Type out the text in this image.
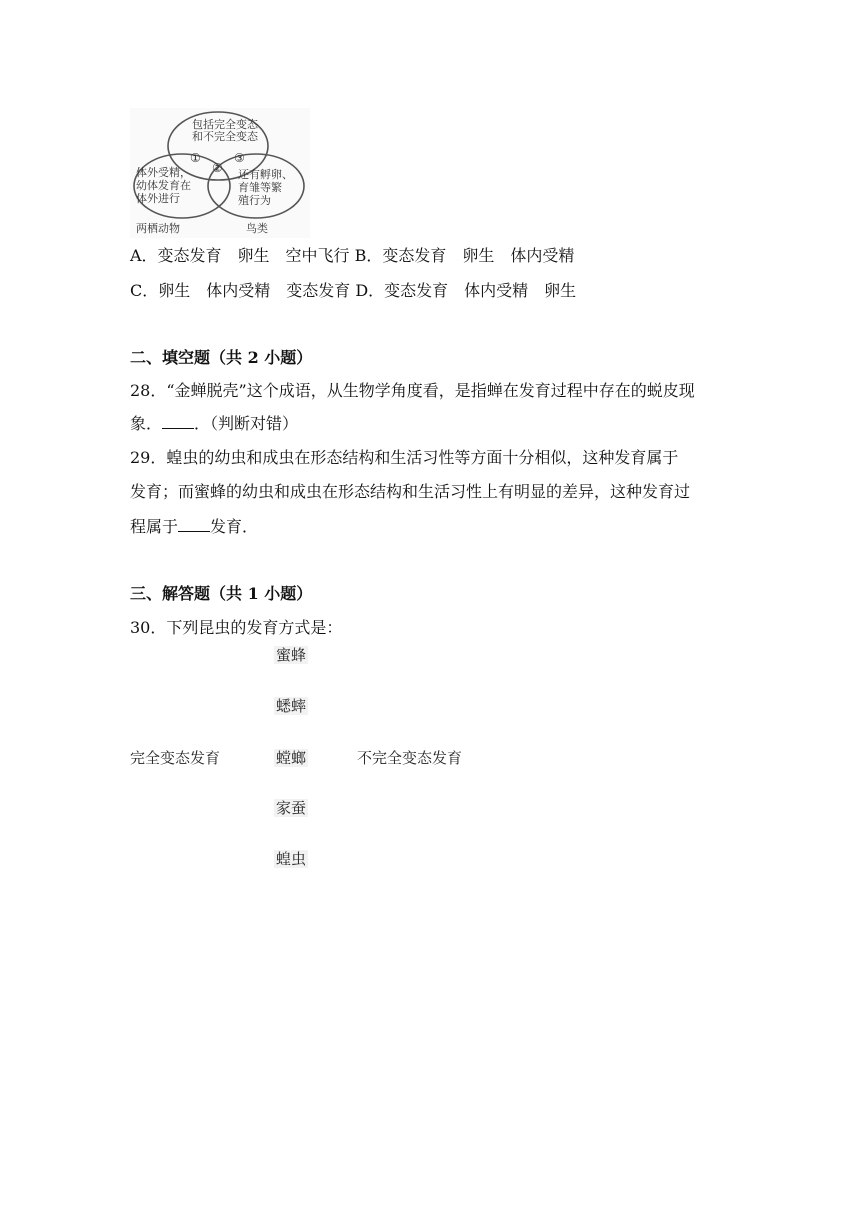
包括完全变态
和不完全变态
①
②
③
体外受精，
幼体发育在
体外进行
还有孵卵、
育雏等繁
殖行为
两栖动物	鸟类
A．变态发育　卵生　空中飞行 B．变态发育　卵生　体内受精
C．卵生　体内受精　变态发育 D．变态发育　体内受精　卵生
二、填空题（共 2 小题）
28．“金蝉脱壳”这个成语，从生物学角度看，是指蝉在发育过程中存在的蜕皮现
象． ．（判断对错）
29．蝗虫的幼虫和成虫在形态结构和生活习性等方面十分相似，这种发育属于
发育；而蜜蜂的幼虫和成虫在形态结构和生活习性上有明显的差异，这种发育过
程属于 发育．
三、解答题（共 1 小题）
30．下列昆虫的发育方式是：
蜜蜂
蟋蟀
完全变态发育	螳螂	不完全变态发育
家蚕
蝗虫
